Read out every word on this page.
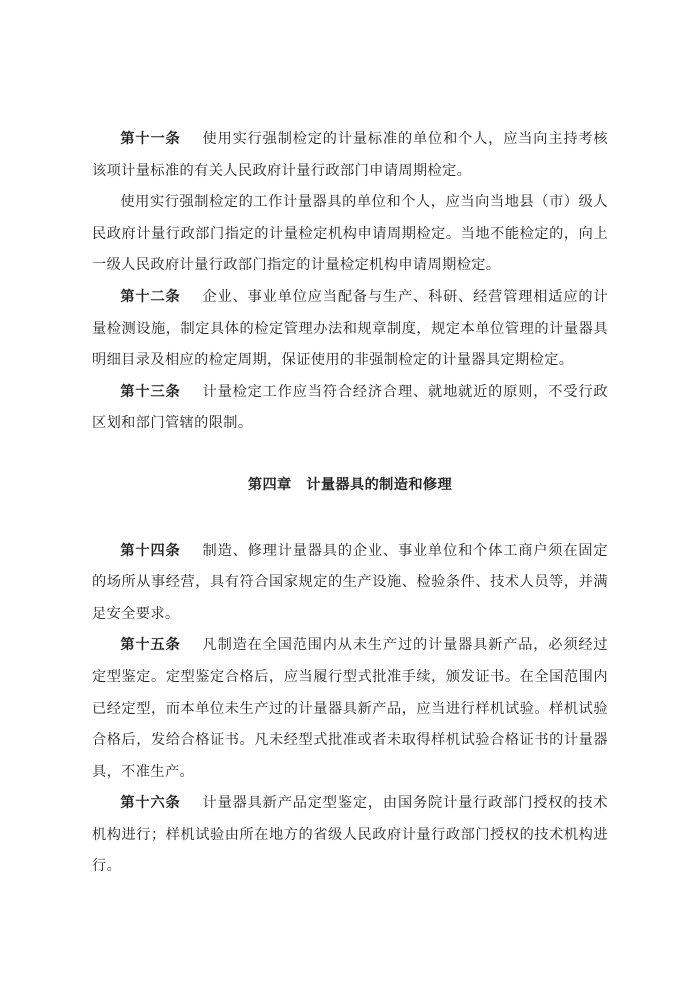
第十一条 使用实行强制检定的计量标准的单位和个人，应当向主持考核该项计量标准的有关人民政府计量行政部门申请周期检定。

使用实行强制检定的工作计量器具的单位和个人，应当向当地县（市）级人民政府计量行政部门指定的计量检定机构申请周期检定。当地不能检定的，向上一级人民政府计量行政部门指定的计量检定机构申请周期检定。

第十二条 企业、事业单位应当配备与生产、科研、经营管理相适应的计量检测设施，制定具体的检定管理办法和规章制度，规定本单位管理的计量器具明细目录及相应的检定周期，保证使用的非强制检定的计量器具定期检定。

第十三条 计量检定工作应当符合经济合理、就地就近的原则，不受行政区划和部门管辖的限制。

第四章　计量器具的制造和修理

第十四条 制造、修理计量器具的企业、事业单位和个体工商户须在固定的场所从事经营，具有符合国家规定的生产设施、检验条件、技术人员等，并满足安全要求。

第十五条 凡制造在全国范围内从未生产过的计量器具新产品，必须经过定型鉴定。定型鉴定合格后，应当履行型式批准手续，颁发证书。在全国范围内已经定型，而本单位未生产过的计量器具新产品，应当进行样机试验。样机试验合格后，发给合格证书。凡未经型式批准或者未取得样机试验合格证书的计量器具，不准生产。

第十六条 计量器具新产品定型鉴定，由国务院计量行政部门授权的技术机构进行；样机试验由所在地方的省级人民政府计量行政部门授权的技术机构进行。
